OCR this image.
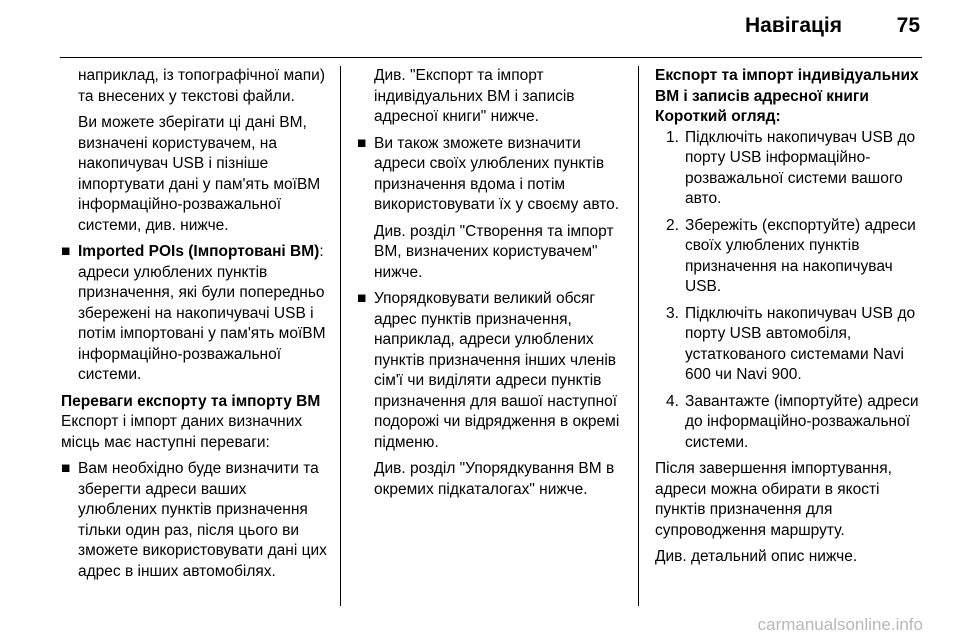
Навігація	75

наприклад, із топографічної мапи) та внесених у текстові файли.

Ви можете зберігати ці дані ВМ, визначені користувачем, на накопичувач USB і пізніше імпортувати дані у пам'ять моїВМ інформаційно-розважальної системи, див. нижче.

■ Imported POIs (Імпортовані ВМ): адреси улюблених пунктів призначення, які були попередньо збережені на накопичувачі USB і потім імпортовані у пам'ять моїВМ інформаційно-розважальної системи.

Переваги експорту та імпорту ВМ

Експорт і імпорт даних визначних місць має наступні переваги:

■ Вам необхідно буде визначити та зберегти адреси ваших улюблених пунктів призначення тільки один раз, після цього ви зможете використовувати дані цих адрес в інших автомобілях.

Див. "Експорт та імпорт індивідуальних ВМ і записів адресної книги" нижче.

■ Ви також зможете визначити адреси своїх улюблених пунктів призначення вдома і потім використовувати їх у своєму авто.

Див. розділ "Створення та імпорт ВМ, визначених користувачем" нижче.

■ Упорядковувати великий обсяг адрес пунктів призначення, наприклад, адреси улюблених пунктів призначення інших членів сім'ї чи виділяти адреси пунктів призначення для вашої наступної подорожі чи відрядження в окремі підменю.

Див. розділ "Упорядкування ВМ в окремих підкаталогах" нижче.

Експорт та імпорт індивідуальних ВМ і записів адресної книги

Короткий огляд:

1. Підключіть накопичувач USB до порту USB інформаційно-розважальної системи вашого авто.
2. Збережіть (експортуйте) адреси своїх улюблених пунктів призначення на накопичувач USB.
3. Підключіть накопичувач USB до порту USB автомобіля, устаткованого системами Navi 600 чи Navi 900.
4. Завантажте (імпортуйте) адреси до інформаційно-розважальної системи.

Після завершення імпортування, адреси можна обирати в якості пунктів призначення для супроводження маршруту.

Див. детальний опис нижче.

carmanualsonline.info
